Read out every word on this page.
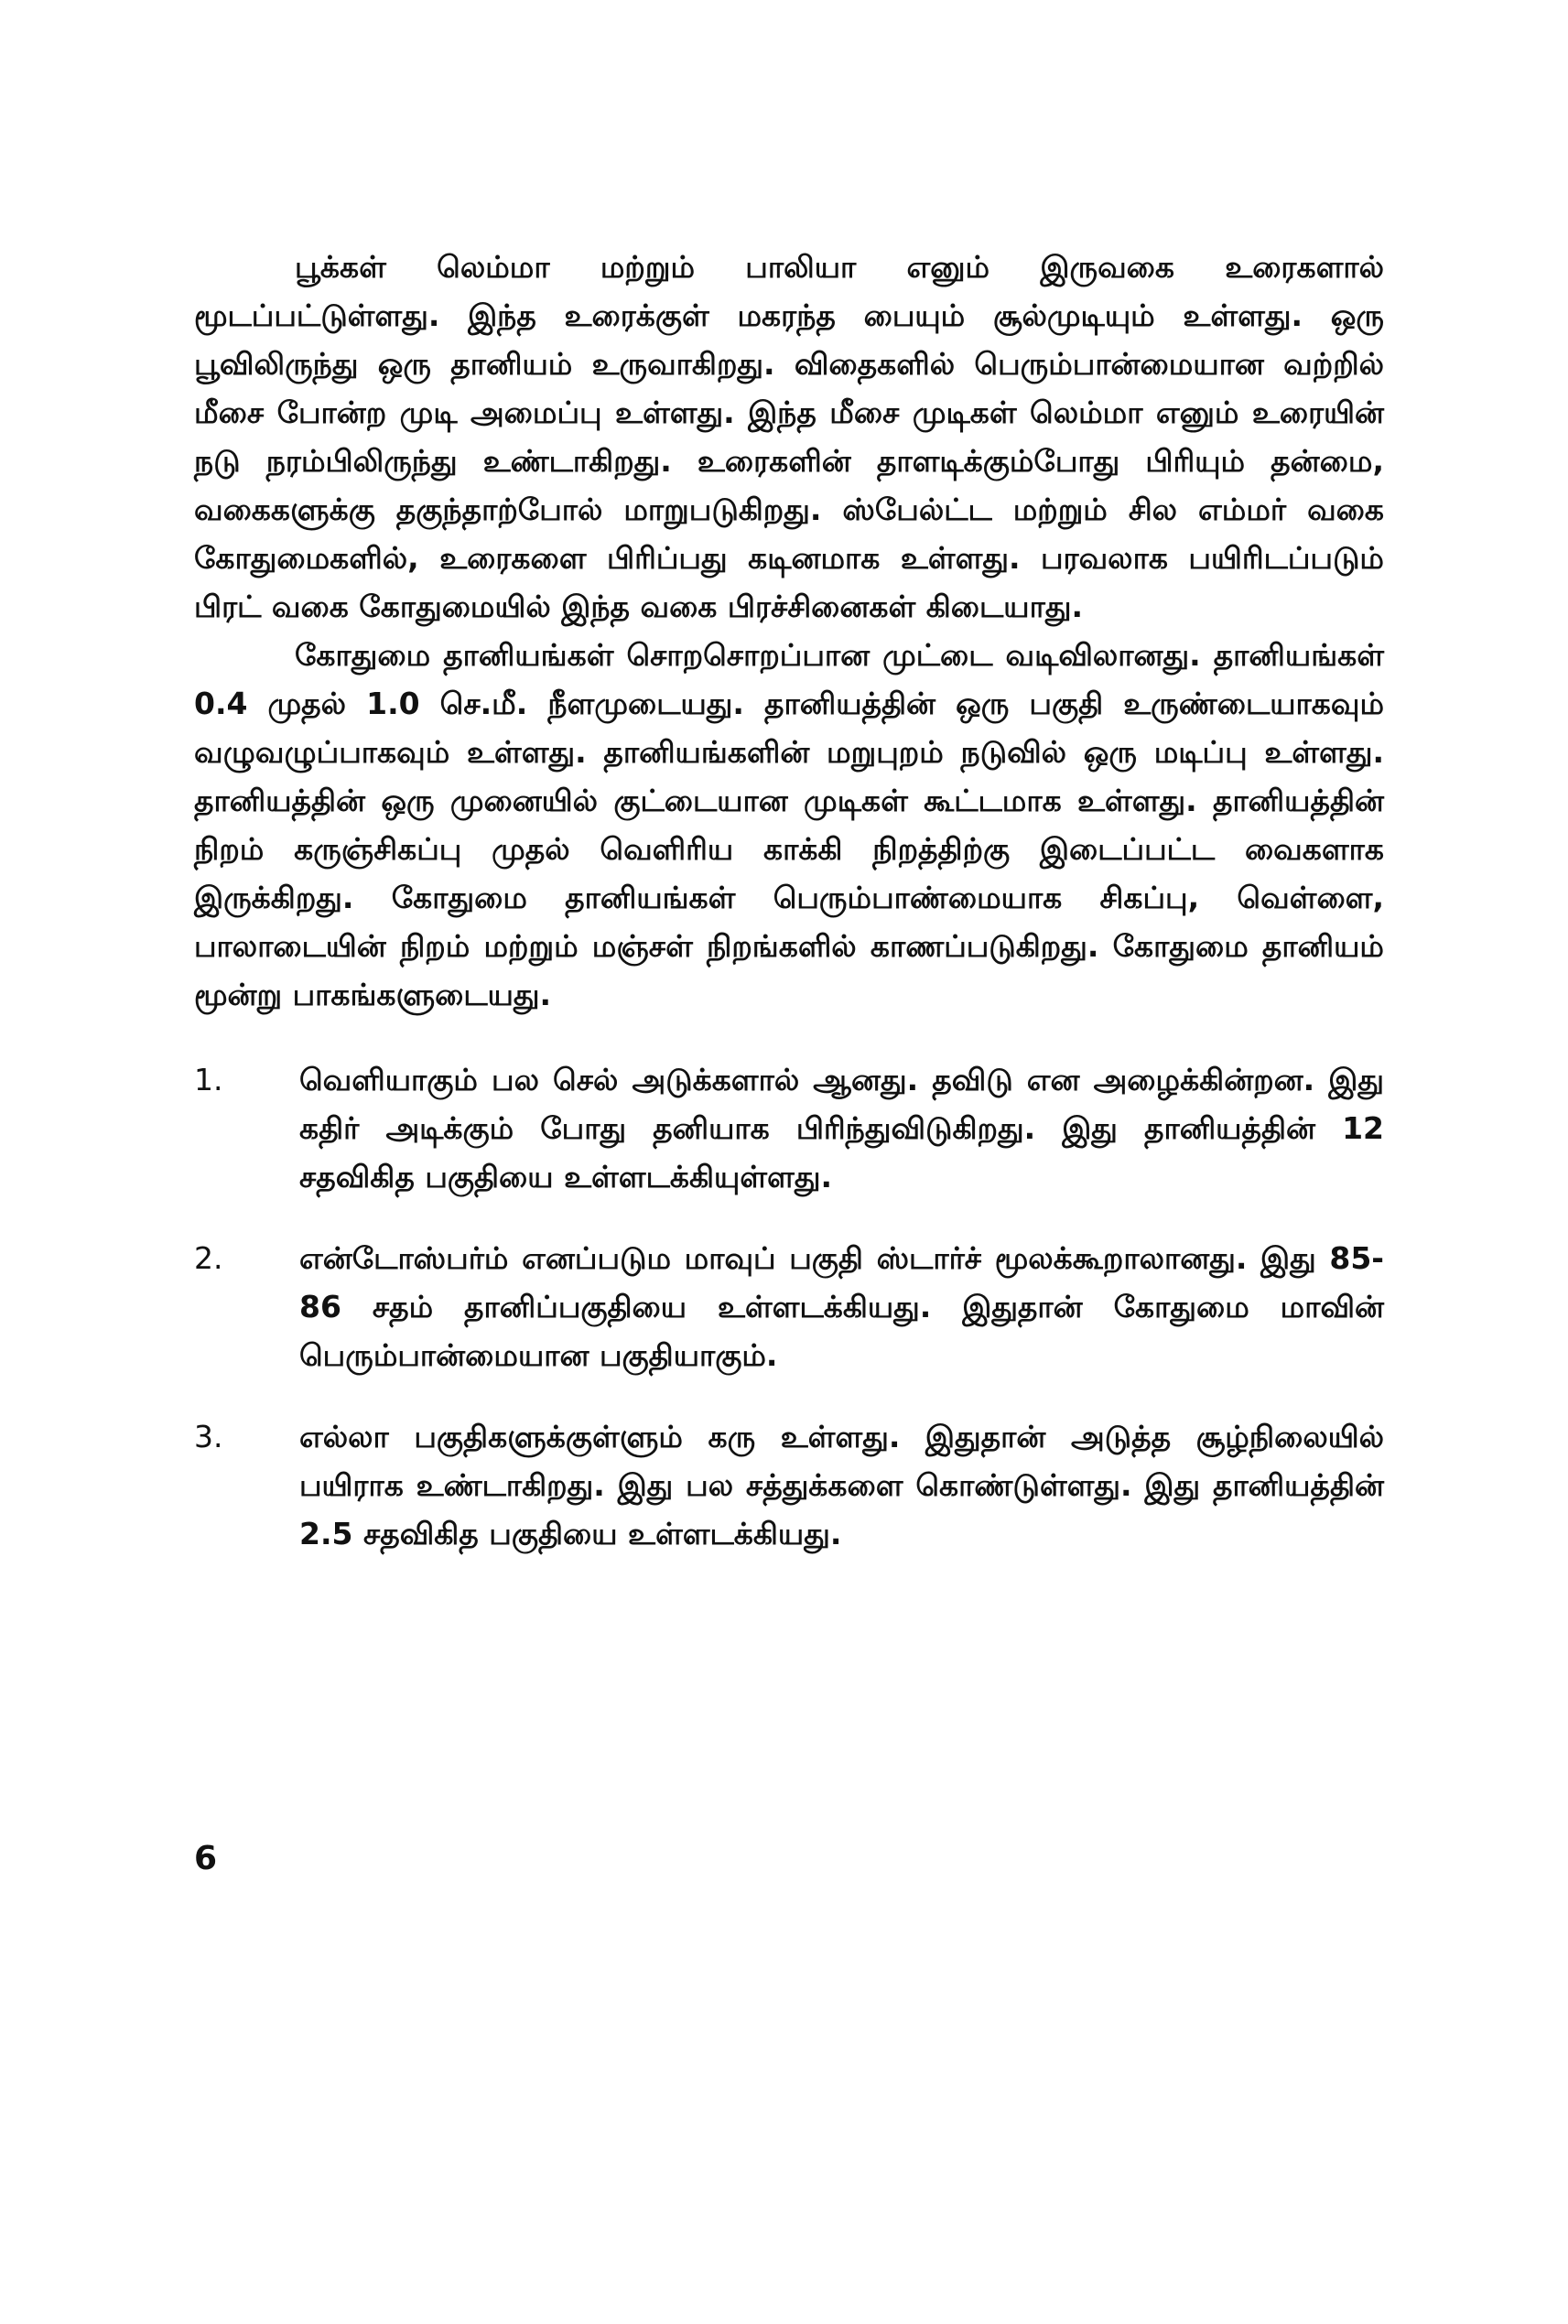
பூக்கள் லெம்மா மற்றும் பாலியா எனும் இருவகை உரைகளால் மூடப்பட்டுள்ளது. இந்த உரைக்குள் மகரந்த பையும் சூல்முடியும் உள்ளது. ஒரு பூவிலிருந்து ஒரு தானியம் உருவாகிறது. விதைகளில் பெரும்பான்மையான வற்றில் மீசை போன்ற முடி அமைப்பு உள்ளது. இந்த மீசை முடிகள் லெம்மா எனும் உரையின் நடு நரம்பிலிருந்து உண்டாகிறது. உரைகளின் தாளடிக்கும்போது பிரியும் தன்மை, வகைகளுக்கு தகுந்தாற்போல் மாறுபடுகிறது. ஸ்பேல்ட்ட மற்றும் சில எம்மர் வகை கோதுமைகளில், உரைகளை பிரிப்பது கடினமாக உள்ளது. பரவலாக பயிரிடப்படும் பிரட் வகை கோதுமையில் இந்த வகை பிரச்சினைகள் கிடையாது.

கோதுமை தானியங்கள் சொறசொறப்பான முட்டை வடிவிலானது. தானியங்கள் 0.4 முதல் 1.0 செ.மீ. நீளமுடையது. தானியத்தின் ஒரு பகுதி உருண்டையாகவும் வழுவழுப்பாகவும் உள்ளது. தானியங்களின் மறுபுறம் நடுவில் ஒரு மடிப்பு உள்ளது. தானியத்தின் ஒரு முனையில் குட்டையான முடிகள் கூட்டமாக உள்ளது. தானியத்தின் நிறம் கருஞ்சிகப்பு முதல் வெளிரிய காக்கி நிறத்திற்கு இடைப்பட்ட வைகளாக இருக்கிறது. கோதுமை தானியங்கள் பெரும்பாண்மையாக சிகப்பு, வெள்ளை, பாலாடையின் நிறம் மற்றும் மஞ்சள் நிறங்களில் காணப்படுகிறது. கோதுமை தானியம் மூன்று பாகங்களுடையது.

1.	வெளியாகும் பல செல் அடுக்களால் ஆனது. தவிடு என அழைக்கின்றன. இது கதிர் அடிக்கும் போது தனியாக பிரிந்துவிடுகிறது. இது தானியத்தின் 12 சதவிகித பகுதியை உள்ளடக்கியுள்ளது.
2.	என்டோஸ்பர்ம் எனப்படும மாவுப் பகுதி ஸ்டார்ச் மூலக்கூறாலானது. இது 85-86 சதம் தானிப்பகுதியை உள்ளடக்கியது. இதுதான் கோதுமை மாவின் பெரும்பான்மையான பகுதியாகும்.
3.	எல்லா பகுதிகளுக்குள்ளும் கரு உள்ளது. இதுதான் அடுத்த சூழ்நிலையில் பயிராக உண்டாகிறது. இது பல சத்துக்களை கொண்டுள்ளது. இது தானியத்தின் 2.5 சதவிகித பகுதியை உள்ளடக்கியது.
6
